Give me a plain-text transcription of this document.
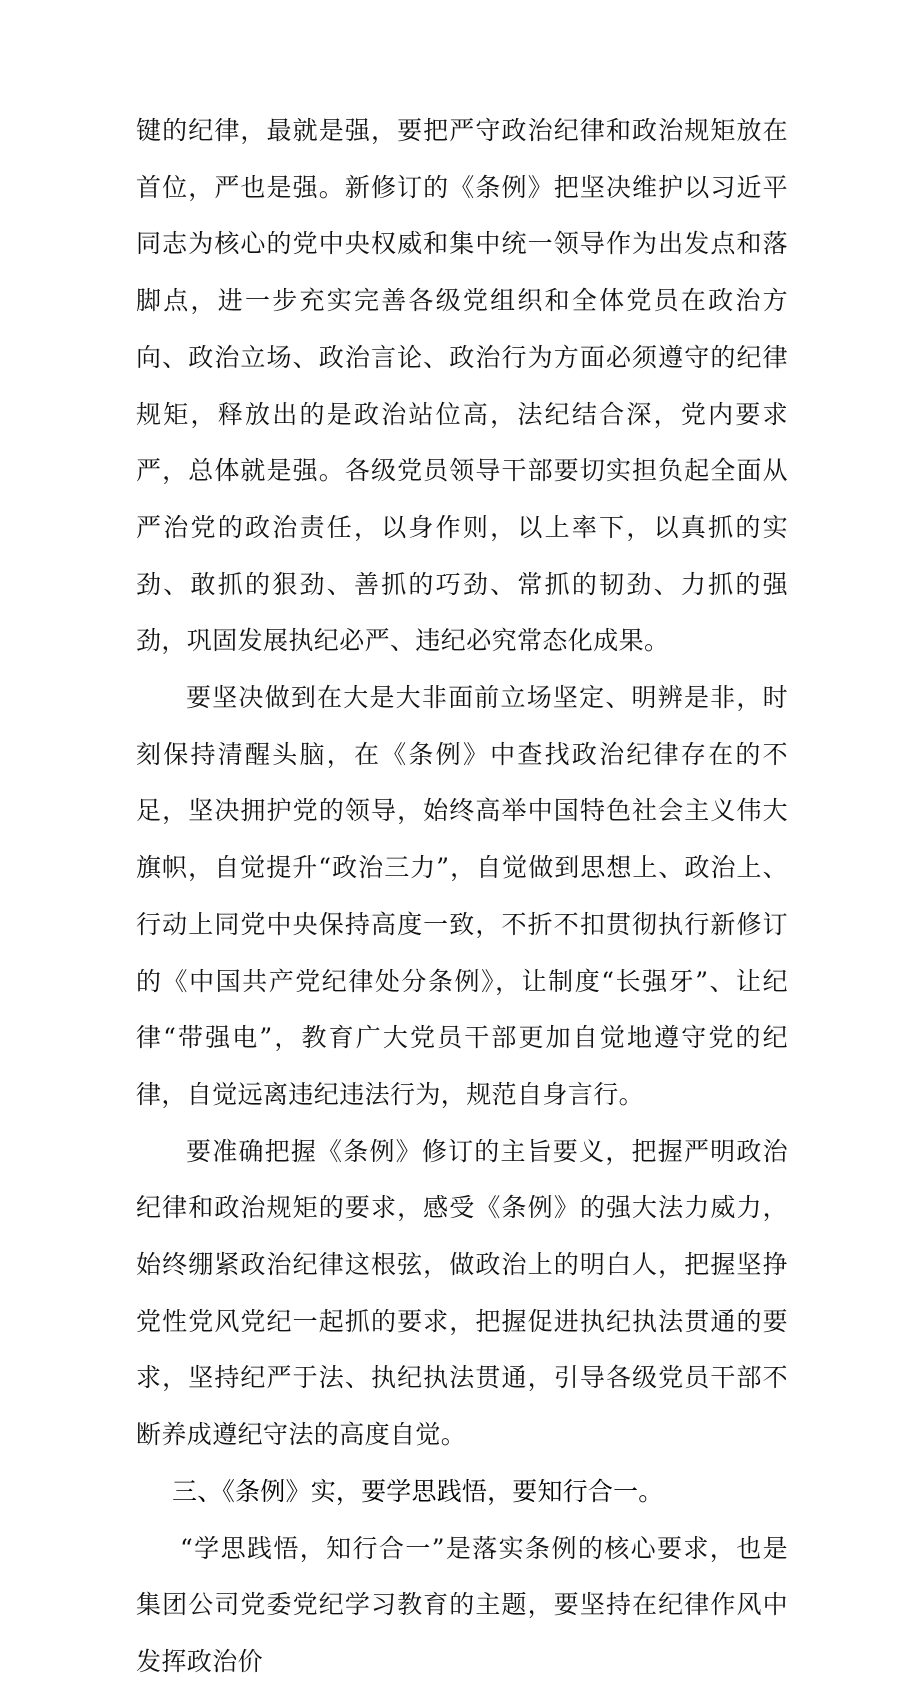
键的纪律，最就是强，要把严守政治纪律和政治规矩放在首位，严也是强。新修订的《条例》把坚决维护以习近平同志为核心的党中央权威和集中统一领导作为出发点和落脚点，进一步充实完善各级党组织和全体党员在政治方向、政治立场、政治言论、政治行为方面必须遵守的纪律规矩，释放出的是政治站位高，法纪结合深，党内要求严，总体就是强。各级党员领导干部要切实担负起全面从严治党的政治责任，以身作则，以上率下，以真抓的实劲、敢抓的狠劲、善抓的巧劲、常抓的韧劲、力抓的强劲，巩固发展执纪必严、违纪必究常态化成果。

要坚决做到在大是大非面前立场坚定、明辨是非，时刻保持清醒头脑，在《条例》中查找政治纪律存在的不足，坚决拥护党的领导，始终高举中国特色社会主义伟大旗帜，自觉提升“政治三力”，自觉做到思想上、政治上、行动上同党中央保持高度一致，不折不扣贯彻执行新修订的《中国共产党纪律处分条例》，让制度“长强牙”、让纪律“带强电”，教育广大党员干部更加自觉地遵守党的纪律，自觉远离违纪违法行为，规范自身言行。

要准确把握《条例》修订的主旨要义，把握严明政治纪律和政治规矩的要求，感受《条例》的强大法力威力，始终绷紧政治纪律这根弦，做政治上的明白人，把握坚挣党性党风党纪一起抓的要求，把握促进执纪执法贯通的要求，坚持纪严于法、执纪执法贯通，引导各级党员干部不断养成遵纪守法的高度自觉。

三、《条例》实，要学思践悟，要知行合一。

“学思践悟，知行合一”是落实条例的核心要求，也是集团公司党委党纪学习教育的主题，要坚持在纪律作风中发挥政治价
